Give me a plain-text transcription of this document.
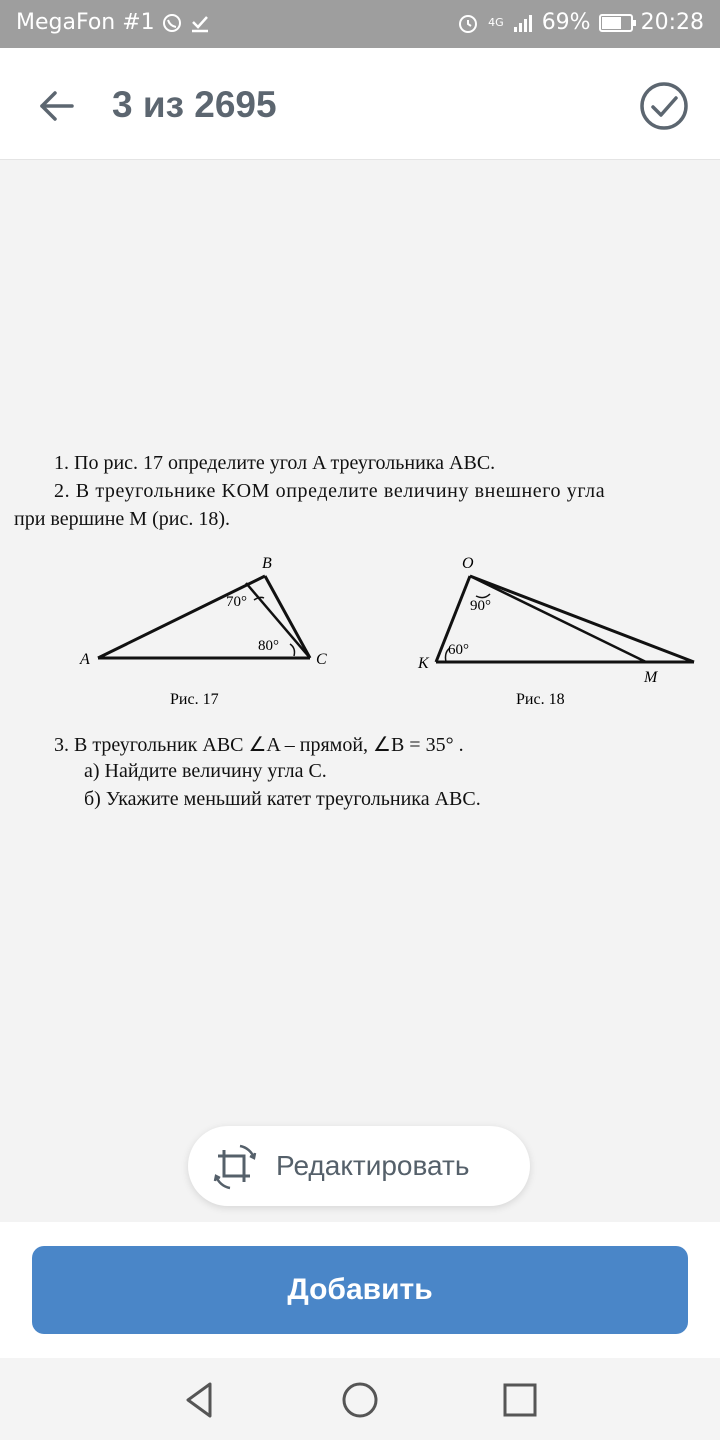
MegaFon #1	4G 69% 20:28
3 из 2695
1. По рис. 17 определите угол A треугольника ABC.
2. В треугольнике KOM определите величину внешнего угла
при вершине M (рис. 18).
A
B
C
70°
80°
Рис. 17
O
K
M
90°
60°
Рис. 18
3. В треугольник ABC ∠A – прямой, ∠B = 35° .
а) Найдите величину угла C.
б) Укажите меньший катет треугольника ABC.
Редактировать
Добавить
